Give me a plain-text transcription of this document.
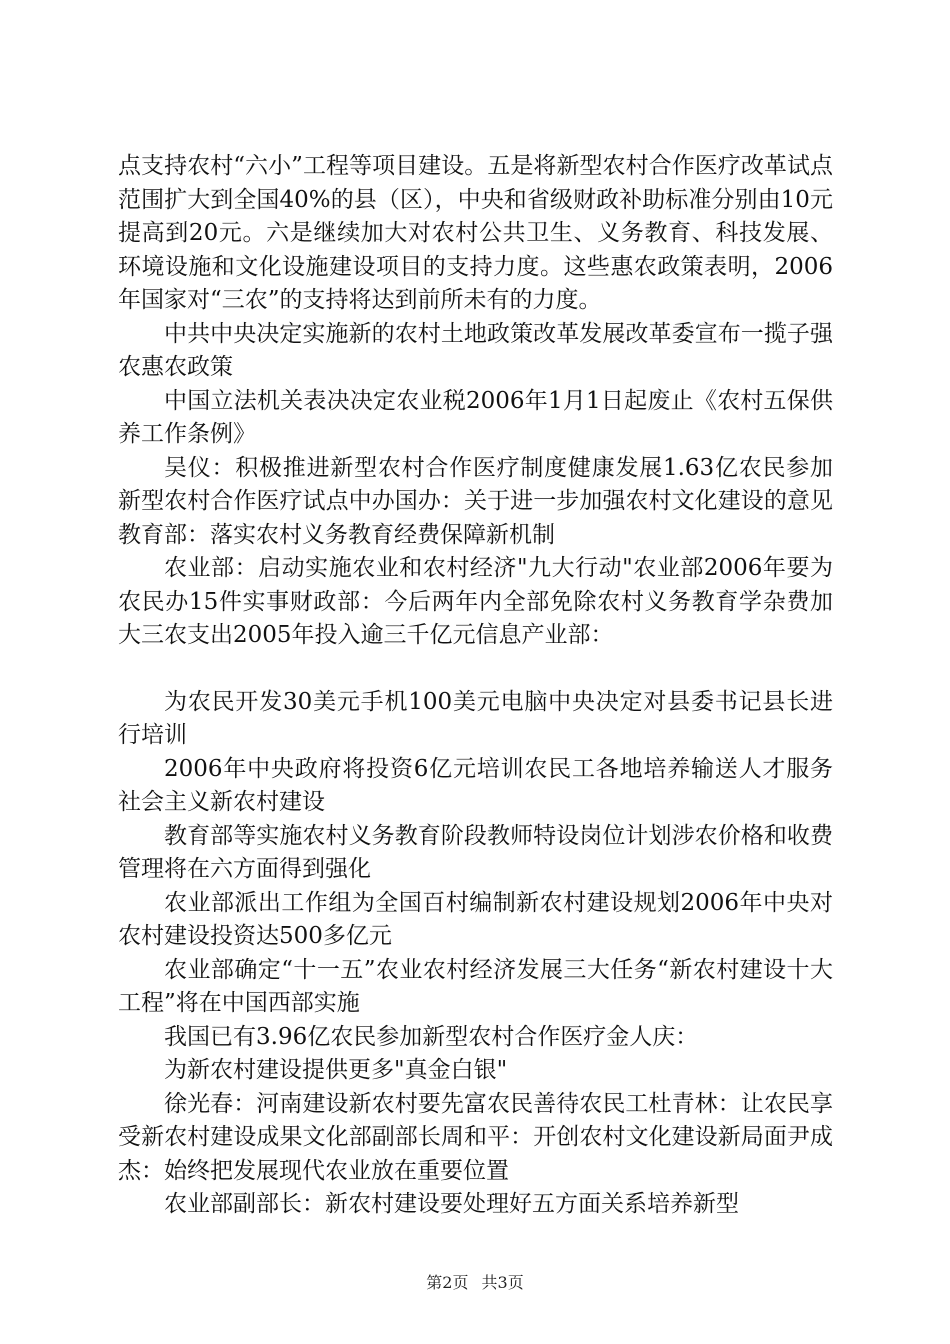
点支持农村“六小”工程等项目建设。五是将新型农村合作医疗改革试点范围扩大到全国40%的县（区），中央和省级财政补助标准分别由10元提高到20元。六是继续加大对农村公共卫生、义务教育、科技发展、环境设施和文化设施建设项目的支持力度。这些惠农政策表明，2006年国家对“三农”的支持将达到前所未有的力度。

中共中央决定实施新的农村土地政策改革发展改革委宣布一揽子强农惠农政策

中国立法机关表决决定农业税2006年1月1日起废止《农村五保供养工作条例》

吴仪：积极推进新型农村合作医疗制度健康发展1.63亿农民参加新型农村合作医疗试点中办国办：关于进一步加强农村文化建设的意见教育部：落实农村义务教育经费保障新机制

农业部：启动实施农业和农村经济"九大行动"农业部2006年要为农民办15件实事财政部：今后两年内全部免除农村义务教育学杂费加大三农支出2005年投入逾三千亿元信息产业部：

为农民开发30美元手机100美元电脑中央决定对县委书记县长进行培训

2006年中央政府将投资6亿元培训农民工各地培养输送人才服务社会主义新农村建设

教育部等实施农村义务教育阶段教师特设岗位计划涉农价格和收费管理将在六方面得到强化

农业部派出工作组为全国百村编制新农村建设规划2006年中央对农村建设投资达500多亿元

农业部确定“十一五”农业农村经济发展三大任务“新农村建设十大工程”将在中国西部实施

我国已有3.96亿农民参加新型农村合作医疗金人庆：

为新农村建设提供更多"真金白银"

徐光春：河南建设新农村要先富农民善待农民工杜青林：让农民享受新农村建设成果文化部副部长周和平：开创农村文化建设新局面尹成杰：始终把发展现代农业放在重要位置

农业部副部长：新农村建设要处理好五方面关系培养新型

第2页 共3页
